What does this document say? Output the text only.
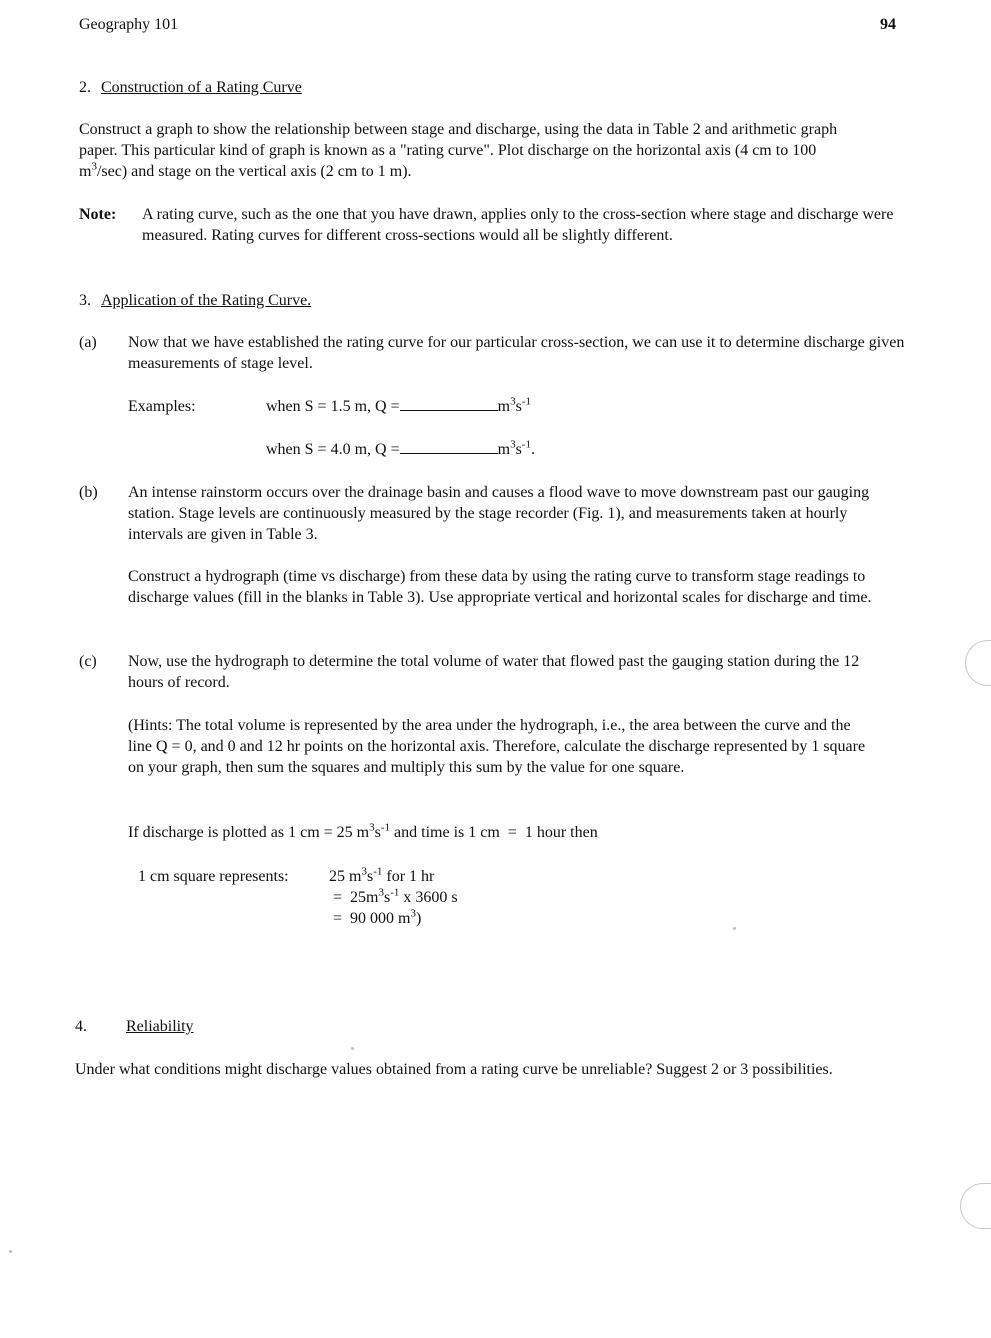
Geography 101	94
2. Construction of a Rating Curve
Construct a graph to show the relationship between stage and discharge, using the data in Table 2 and arithmetic graph paper. This particular kind of graph is known as a "rating curve". Plot discharge on the horizontal axis (4 cm to 100 $m^3/\sec$) and stage on the vertical axis (2 cm to 1 m).
Note: A rating curve, such as the one that you have drawn, applies only to the cross-section where stage and discharge were measured. Rating curves for different cross-sections would all be slightly different.
3. Application of the Rating Curve.
(a) Now that we have established the rating curve for our particular cross-section, we can use it to determine discharge given measurements of stage level.
Examples:	when S = 1.5 m, Q =	$m^3s^{-1}$
when S = 4.0 m, Q =	$m^3s^{-1}$.
(b) An intense rainstorm occurs over the drainage basin and causes a flood wave to move downstream past our gauging station. Stage levels are continuously measured by the stage recorder (Fig. 1), and measurements taken at hourly intervals are given in Table 3.
Construct a hydrograph (time vs discharge) from these data by using the rating curve to transform stage readings to discharge values (fill in the blanks in Table 3). Use appropriate vertical and horizontal scales for discharge and time.
(c) Now, use the hydrograph to determine the total volume of water that flowed past the gauging station during the 12 hours of record.
(Hints: The total volume is represented by the area under the hydrograph, i.e., the area between the curve and the line Q = 0, and 0 and 12 hr points on the horizontal axis. Therefore, calculate the discharge represented by 1 square on your graph, then sum the squares and multiply this sum by the value for one square.
If discharge is plotted as 1 cm = 25 $m^3s^{-1}$ and time is 1 cm  =  1 hour then
1 cm square represents:	25 $m^3s^{-1}$ for 1 hr
=  $25m^3s^{-1}$ x 3600 s
=  90 000 $m^3$)
4. Reliability
Under what conditions might discharge values obtained from a rating curve be unreliable? Suggest 2 or 3 possibilities.
